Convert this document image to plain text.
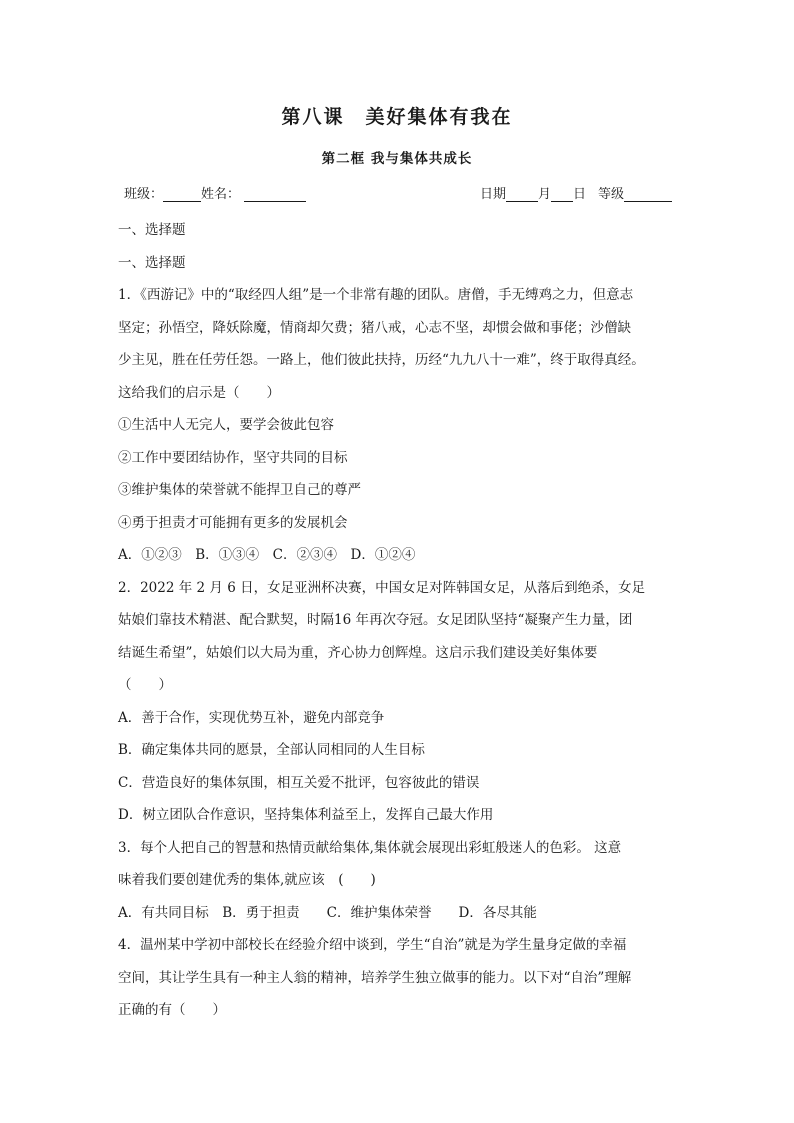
第八课　美好集体有我在
第二框 我与集体共成长
班级：	姓名：	日期 月 日 等级

一、选择题

一、选择题

1．《西游记》中的“取经四人组”是一个非常有趣的团队。唐僧，手无缚鸡之力，但意志

坚定；孙悟空，降妖除魔，情商却欠费；猪八戒，心志不坚，却惯会做和事佬；沙僧缺

少主见，胜在任劳任怨。一路上，他们彼此扶持，历经“九九八十一难”，终于取得真经。

这给我们的启示是（　　）

①生活中人无完人，要学会彼此包容

②工作中要团结协作，坚守共同的目标

③维护集体的荣誉就不能捍卫自己的尊严

④勇于担责才可能拥有更多的发展机会

A．①②③　B．①③④　C．②③④　D．①②④

2．2022 年 2 月 6 日，女足亚洲杯决赛，中国女足对阵韩国女足，从落后到绝杀，女足

姑娘们靠技术精湛、配合默契，时隔16 年再次夺冠。女足团队坚持“凝聚产生力量，团

结诞生希望”，姑娘们以大局为重，齐心协力创辉煌。这启示我们建设美好集体要

（　　）

A．善于合作，实现优势互补，避免内部竞争

B．确定集体共同的愿景，全部认同相同的人生目标

C．营造良好的集体氛围，相互关爱不批评，包容彼此的错误

D．树立团队合作意识，坚持集体利益至上，发挥自己最大作用

3．每个人把自己的智慧和热情贡献给集体,集体就会展现出彩虹般迷人的色彩。 这意

味着我们要创建优秀的集体,就应该　(　　)

A．有共同目标　B．勇于担责　　C．维护集体荣誉　　D．各尽其能

4．温州某中学初中部校长在经验介绍中谈到，学生“自治”就是为学生量身定做的幸福

空间，其让学生具有一种主人翁的精神，培养学生独立做事的能力。以下对“自治”理解

正确的有（　　）
